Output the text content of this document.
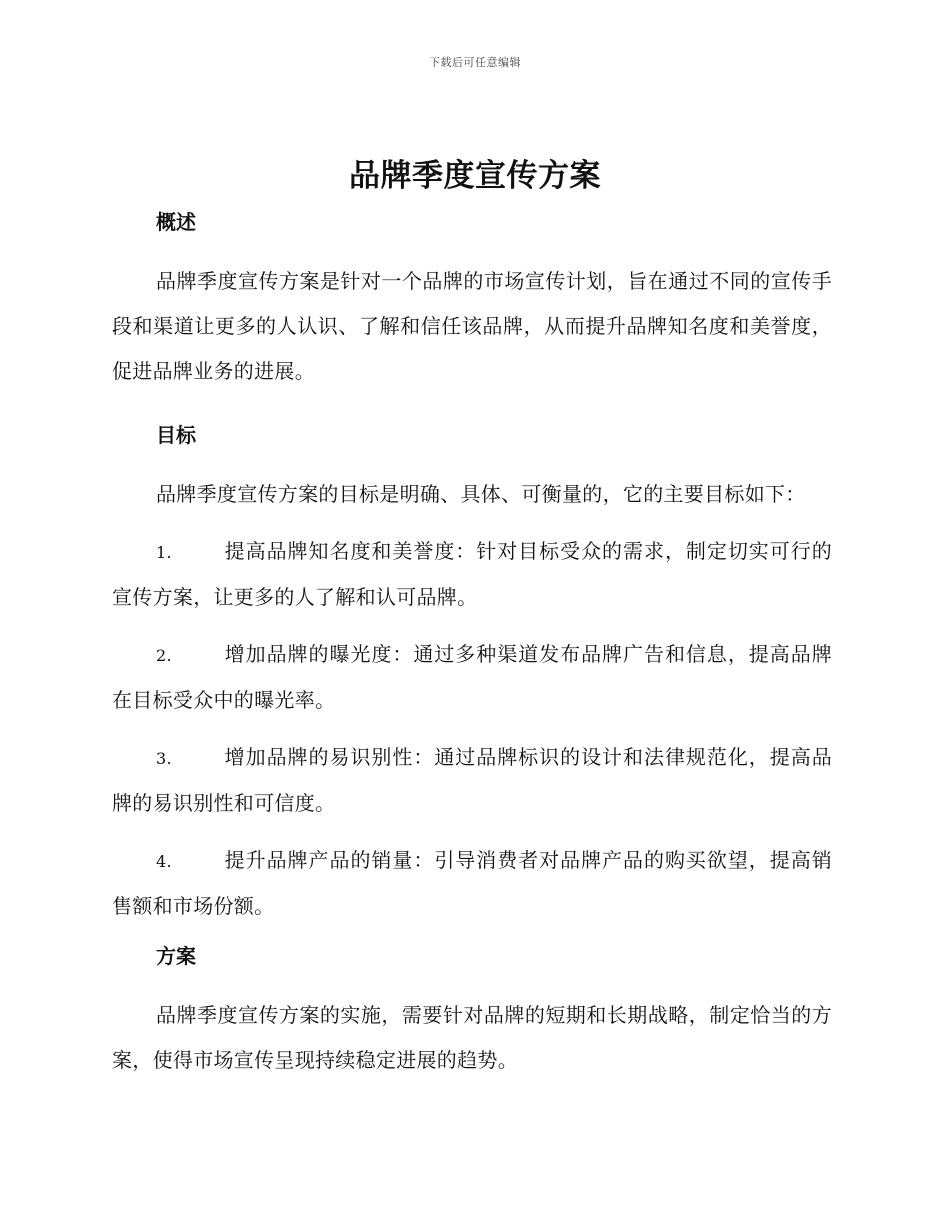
下载后可任意编辑
品牌季度宣传方案

概述

品牌季度宣传方案是针对一个品牌的市场宣传计划，旨在通过不同的宣传手段和渠道让更多的人认识、了解和信任该品牌，从而提升品牌知名度和美誉度，促进品牌业务的进展。

目标

品牌季度宣传方案的目标是明确、具体、可衡量的，它的主要目标如下：

1.	提高品牌知名度和美誉度：针对目标受众的需求，制定切实可行的宣传方案，让更多的人了解和认可品牌。

2.	增加品牌的曝光度：通过多种渠道发布品牌广告和信息，提高品牌在目标受众中的曝光率。

3.	增加品牌的易识别性：通过品牌标识的设计和法律规范化，提高品牌的易识别性和可信度。

4.	提升品牌产品的销量：引导消费者对品牌产品的购买欲望，提高销售额和市场份额。

方案

品牌季度宣传方案的实施，需要针对品牌的短期和长期战略，制定恰当的方案，使得市场宣传呈现持续稳定进展的趋势。
